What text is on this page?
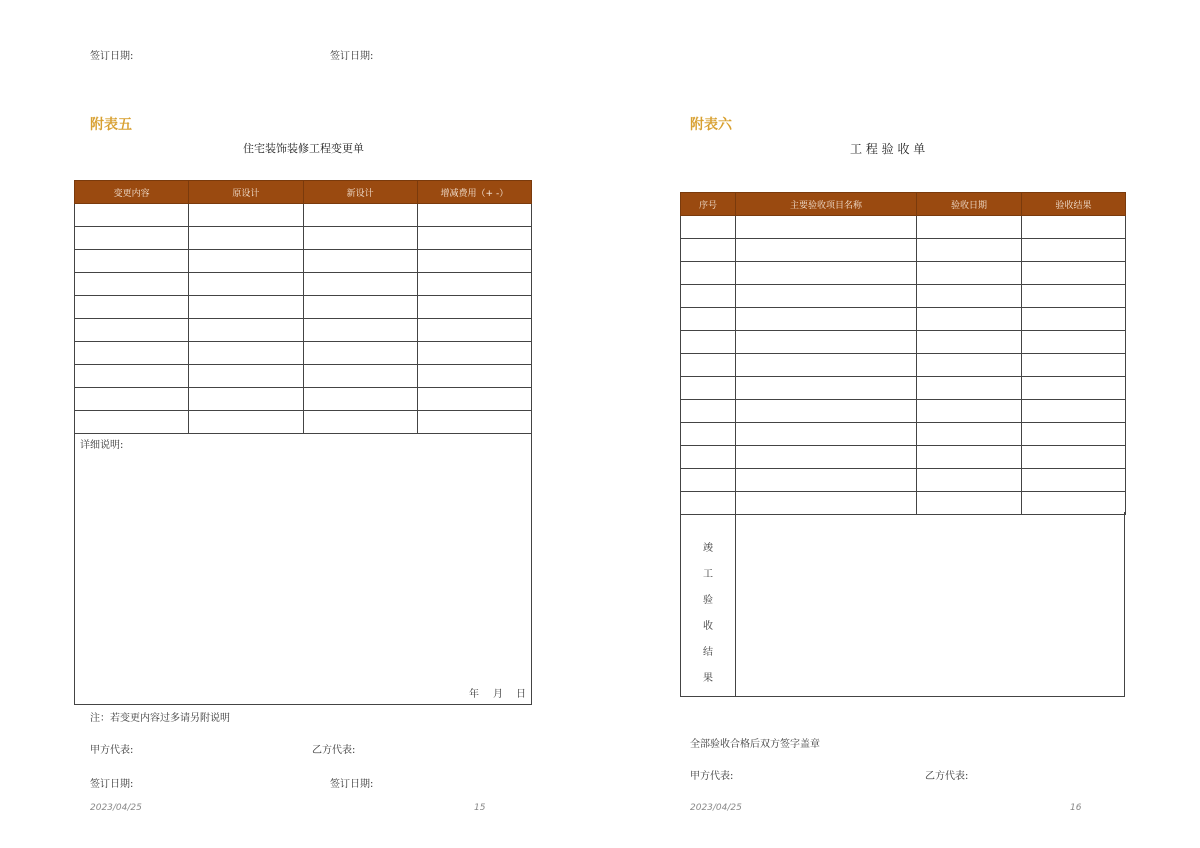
签订日期:	签订日期:
附表五
住宅装饰装修工程变更单
变更内容	原设计	新设计	增减费用（+ -）

详细说明:
年 月 日
注：若变更内容过多请另附说明
甲方代表:	乙方代表:
签订日期:	签订日期:
2023/04/25	15
附表六
工 程 验 收 单
序号	主要验收项目名称	验收日期	验收结果

竣
工
验
收
结
果
全部验收合格后双方签字盖章
甲方代表:	乙方代表:
2023/04/25	16
